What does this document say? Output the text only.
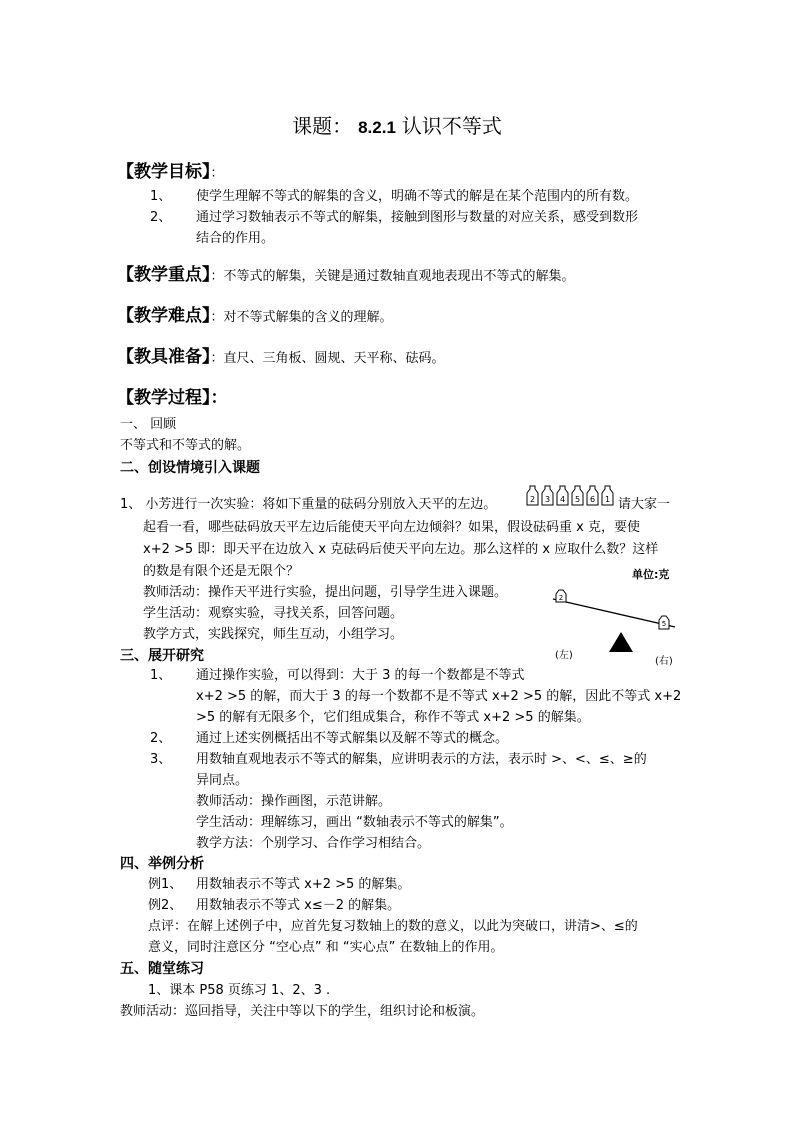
课题： 8.2.1 认识不等式
【教学目标】：
1、 使学生理解不等式的解集的含义，明确不等式的解是在某个范围内的所有数。
2、 通过学习数轴表示不等式的解集，接触到图形与数量的对应关系，感受到数形
结合的作用。
【教学重点】：不等式的解集，关键是通过数轴直观地表现出不等式的解集。
【教学难点】：对不等式解集的含义的理解。
【教具准备】：直尺、三角板、圆规、天平称、砝码。
【教学过程】：
一、 回顾
不等式和不等式的解。
二、创设情境引入课题
1、 小芳进行一次实验：将如下重量的砝码分别放入天平的左边。	2 3 4 5 6 1 请大家一
起看一看，哪些砝码放天平左边后能使天平向左边倾斜？如果，假设砝码重 x 克，要使
x+2 >5 即：即天平在边放入 x 克砝码后使天平向左边。那么这样的 x 应取什么数？这样
的数是有限个还是无限个？
教师活动：操作天平进行实验，提出问题，引导学生进入课题。
学生活动：观察实验，寻找关系，回答问题。
教学方式，实践探究，师生互动，小组学习。
单位:克
2
5
(左)
(右)
三、展开研究
1、 通过操作实验，可以得到：大于 3 的每一个数都是不等式
x+2 >5 的解，而大于 3 的每一个数都不是不等式 x+2 >5 的解，因此不等式 x+2
>5 的解有无限多个，它们组成集合，称作不等式 x+2 >5 的解集。
2、 通过上述实例概括出不等式解集以及解不等式的概念。
3、 用数轴直观地表示不等式的解集，应讲明表示的方法，表示时 >、<、≤、≥的
异同点。
教师活动：操作画图，示范讲解。
学生活动：理解练习，画出 “数轴表示不等式的解集”。
教学方法：个别学习、合作学习相结合。
四、举例分析
例1、 用数轴表示不等式 x+2 >5 的解集。
例2、 用数轴表示不等式 x≤－2 的解集。
点评：在解上述例子中，应首先复习数轴上的数的意义，以此为突破口，讲清>、≤的
意义，同时注意区分 “空心点” 和 “实心点” 在数轴上的作用。
五、随堂练习
1、课本 P58 页练习 1、2、3 .
教师活动：巡回指导，关注中等以下的学生，组织讨论和板演。
